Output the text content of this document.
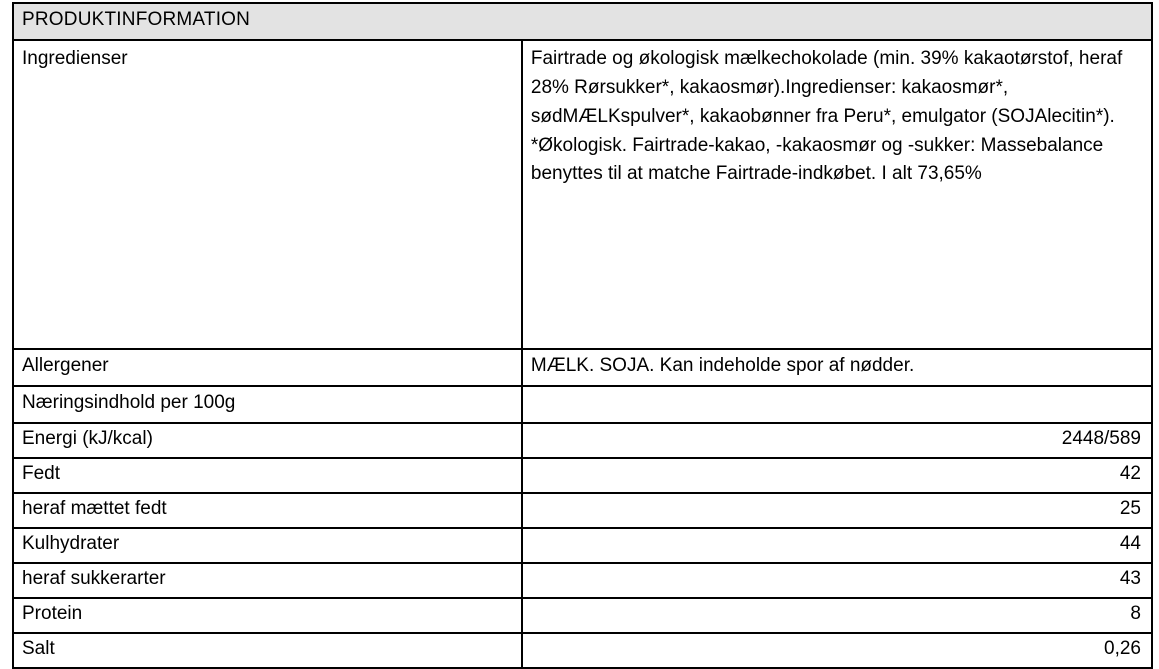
PRODUKTINFORMATION	
Ingredienser	Fairtrade og økologisk mælkechokolade (min. 39% kakaotørstof, heraf 28% Rørsukker*, kakaosmør).Ingredienser: kakaosmør*, sødMÆLKspulver*, kakaobønner fra Peru*, emulgator (SOJAlecitin*). *Økologisk. Fairtrade-kakao, -kakaosmør og -sukker: Massebalance benyttes til at matche Fairtrade-indkøbet. I alt 73,65%
Allergener	MÆLK. SOJA. Kan indeholde spor af nødder.
Næringsindhold per 100g	
Energi (kJ/kcal)	2448/589
Fedt	42
heraf mættet fedt	25
Kulhydrater	44
heraf sukkerarter	43
Protein	8
Salt	0,26
